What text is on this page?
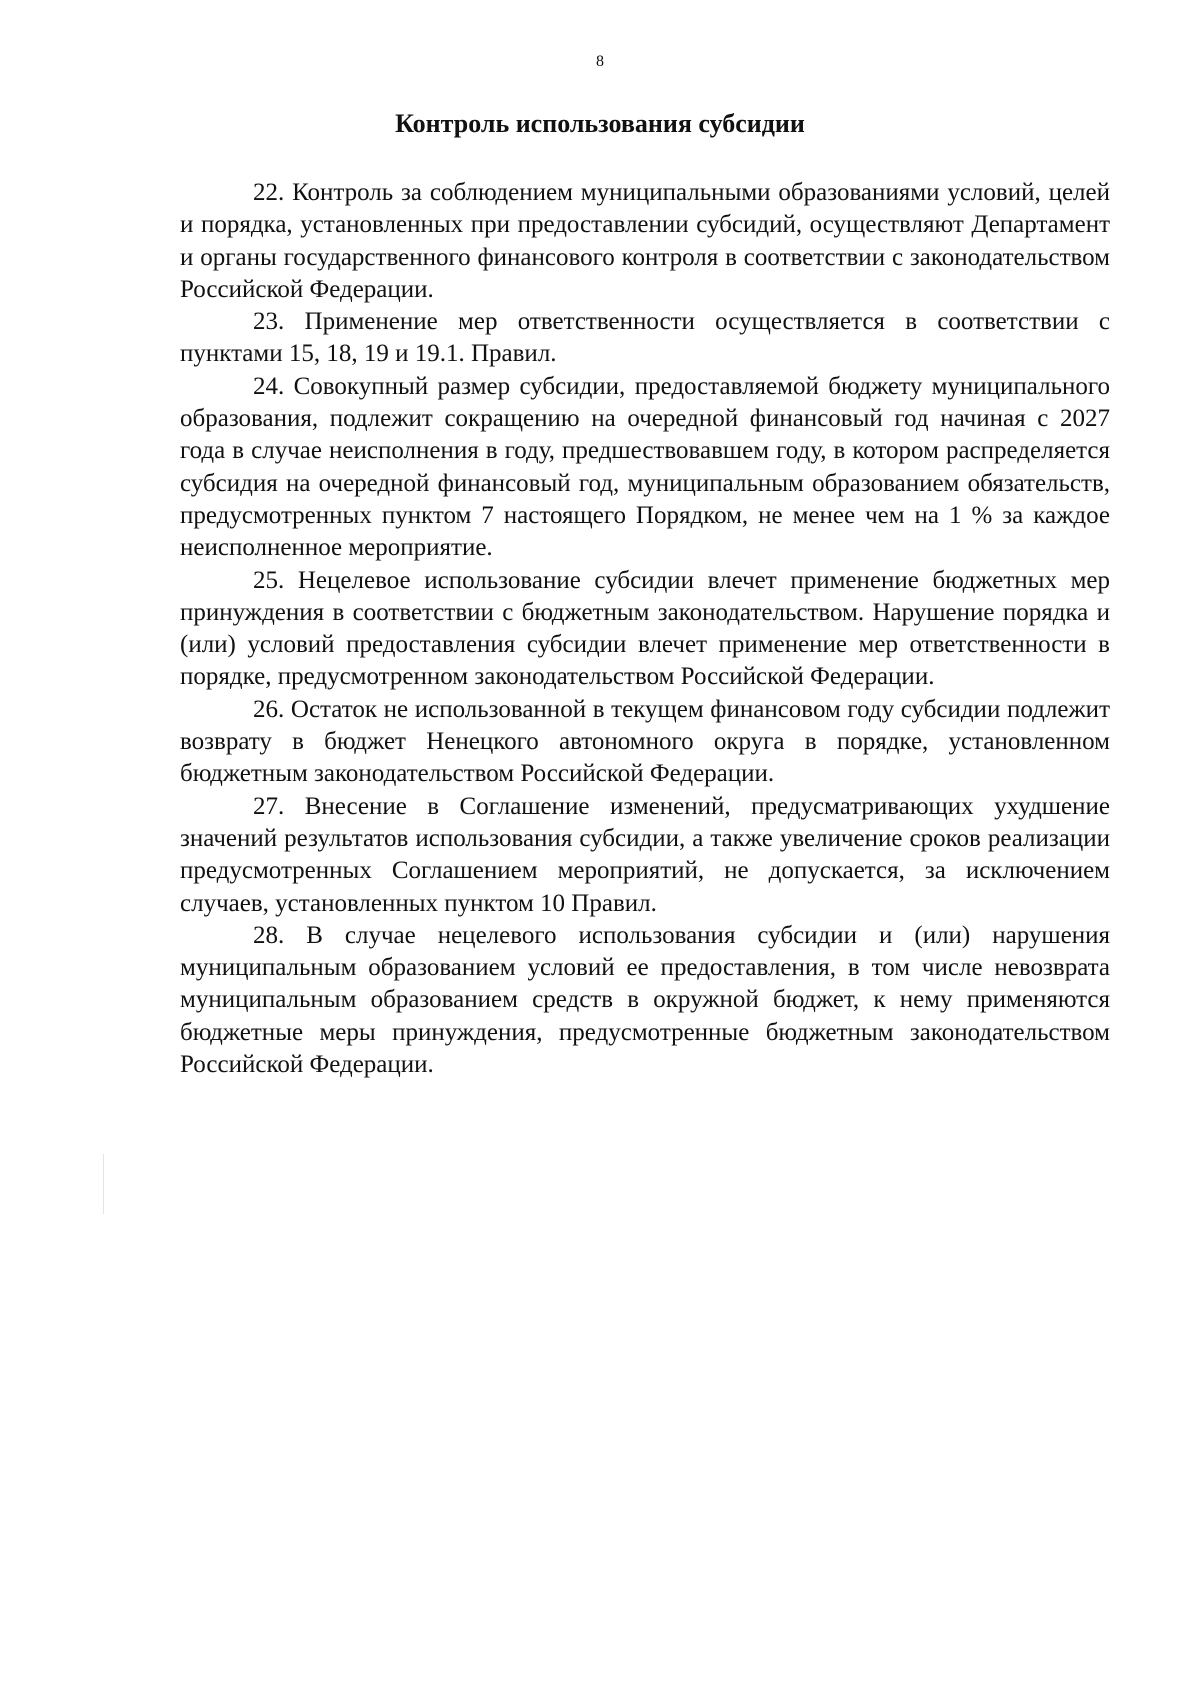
8
Контроль использования субсидии

22. Контроль за соблюдением муниципальными образованиями условий, целей и порядка, установленных при предоставлении субсидий, осуществляют Департамент и органы государственного финансового контроля в соответствии с законодательством Российской Федерации.

23. Применение мер ответственности осуществляется в соответствии с пунктами 15, 18, 19 и 19.1. Правил.

24. Совокупный размер субсидии, предоставляемой бюджету муниципального образования, подлежит сокращению на очередной финансовый год начиная с 2027 года в случае неисполнения в году, предшествовавшем году, в котором распределяется субсидия на очередной финансовый год, муниципальным образованием обязательств, предусмотренных пунктом 7 настоящего Порядком, не менее чем на 1 % за каждое неисполненное мероприятие.

25. Нецелевое использование субсидии влечет применение бюджетных мер принуждения в соответствии с бюджетным законодательством. Нарушение порядка и (или) условий предоставления субсидии влечет применение мер ответственности в порядке, предусмотренном законодательством Российской Федерации.

26. Остаток не использованной в текущем финансовом году субсидии подлежит возврату в бюджет Ненецкого автономного округа в порядке, установленном бюджетным законодательством Российской Федерации.

27. Внесение в Соглашение изменений, предусматривающих ухудшение значений результатов использования субсидии, а также увеличение сроков реализации предусмотренных Соглашением мероприятий, не допускается, за исключением случаев, установленных пунктом 10 Правил.

28. В случае нецелевого использования субсидии и (или) нарушения муниципальным образованием условий ее предоставления, в том числе невозврата муниципальным образованием средств в окружной бюджет, к нему применяются бюджетные меры принуждения, предусмотренные бюджетным законодательством Российской Федерации.
